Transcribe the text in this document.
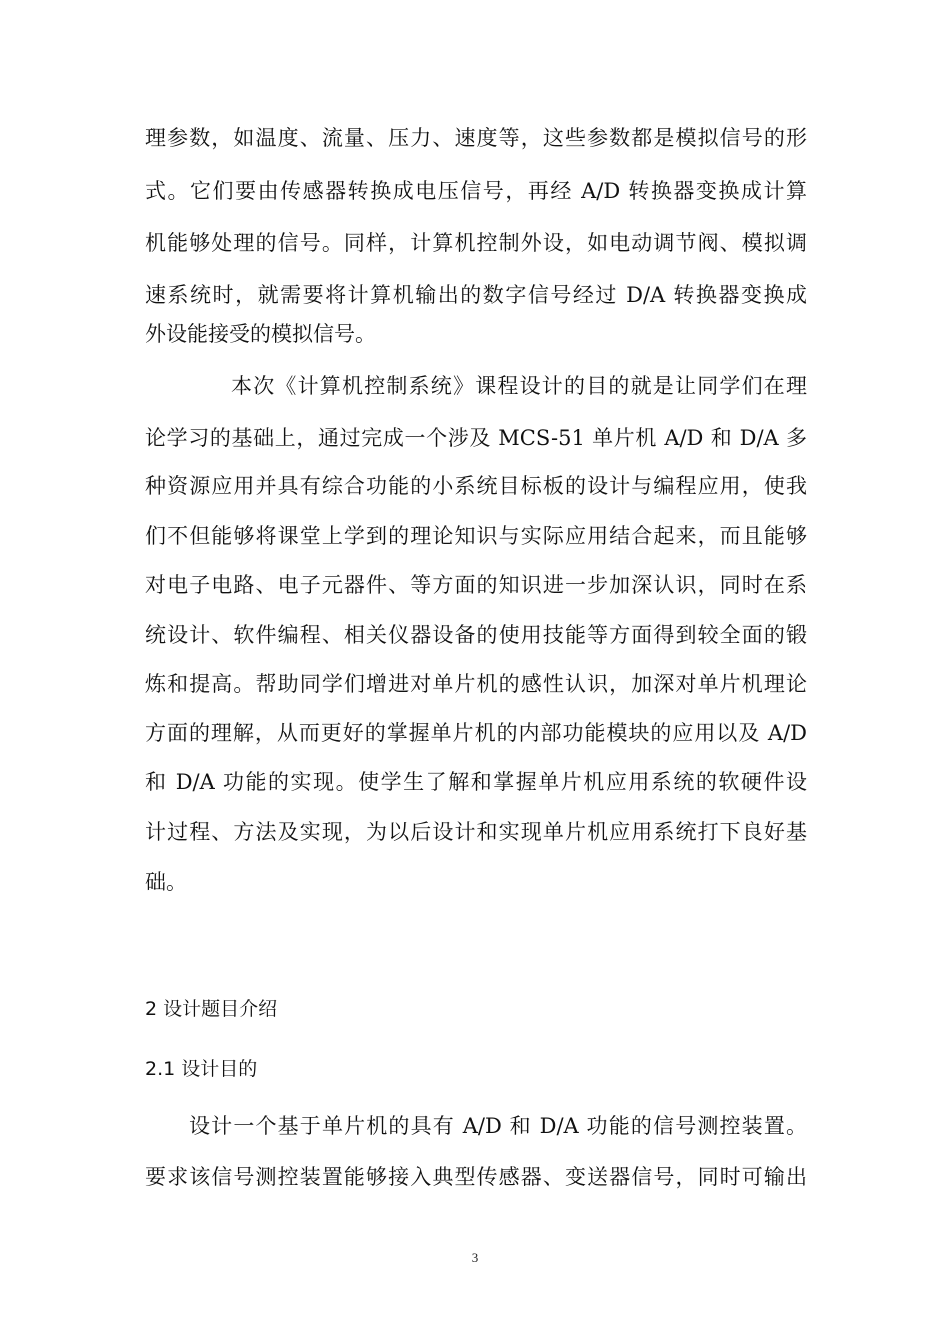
理参数，如温度、流量、压力、速度等，这些参数都是模拟信号的形
式。它们要由传感器转换成电压信号，再经 A/D 转换器变换成计算
机能够处理的信号。同样，计算机控制外设，如电动调节阀、模拟调
速系统时，就需要将计算机输出的数字信号经过 D/A 转换器变换成
外设能接受的模拟信号。
本次《计算机控制系统》课程设计的目的就是让同学们在理
论学习的基础上，通过完成一个涉及 MCS-51 单片机 A/D 和 D/A 多
种资源应用并具有综合功能的小系统目标板的设计与编程应用，使我
们不但能够将课堂上学到的理论知识与实际应用结合起来，而且能够
对电子电路、电子元器件、等方面的知识进一步加深认识，同时在系
统设计、软件编程、相关仪器设备的使用技能等方面得到较全面的锻
炼和提高。帮助同学们增进对单片机的感性认识，加深对单片机理论
方面的理解，从而更好的掌握单片机的内部功能模块的应用以及 A/D
和 D/A 功能的实现。使学生了解和掌握单片机应用系统的软硬件设
计过程、方法及实现，为以后设计和实现单片机应用系统打下良好基
础。
2 设计题目介绍
2.1 设计目的
设计一个基于单片机的具有 A/D 和 D/A 功能的信号测控装置。
要求该信号测控装置能够接入典型传感器、变送器信号，同时可输出
3
